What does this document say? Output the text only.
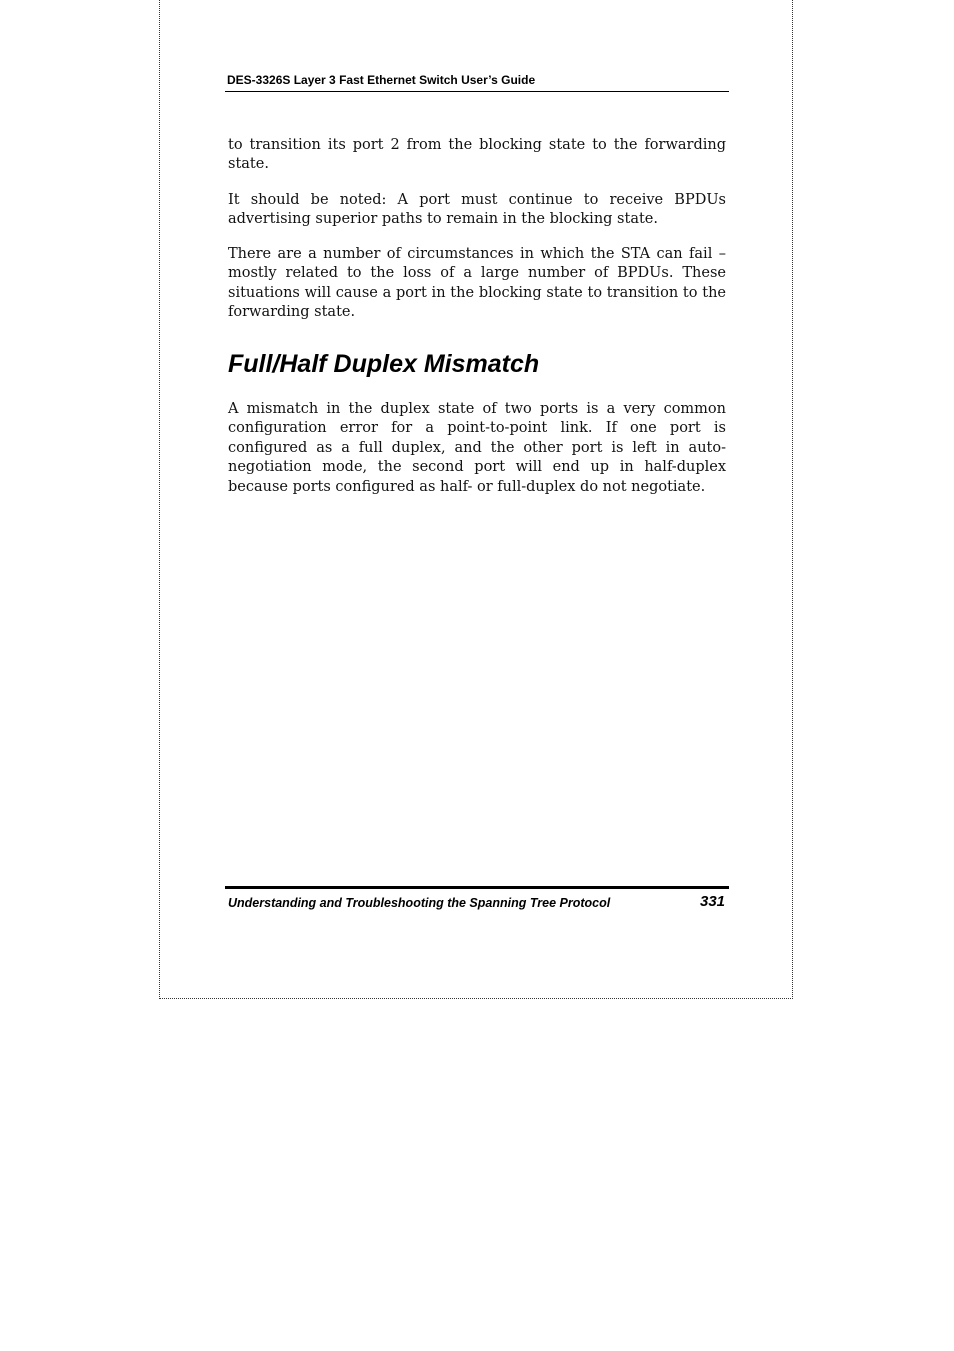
DES-3326S Layer 3 Fast Ethernet Switch User’s Guide

to transition its port 2 from the blocking state to the forwarding state.

It should be noted: A port must continue to receive BPDUs advertising superior paths to remain in the blocking state.

There are a number of circumstances in which the STA can fail – mostly related to the loss of a large number of BPDUs. These situations will cause a port in the blocking state to transition to the forwarding state.

Full/Half Duplex Mismatch

A mismatch in the duplex state of two ports is a very common configuration error for a point-to-point link. If one port is configured as a full duplex, and the other port is left in auto-negotiation mode, the second port will end up in half-duplex because ports configured as half- or full-duplex do not negotiate.

Understanding and Troubleshooting the Spanning Tree Protocol	331
